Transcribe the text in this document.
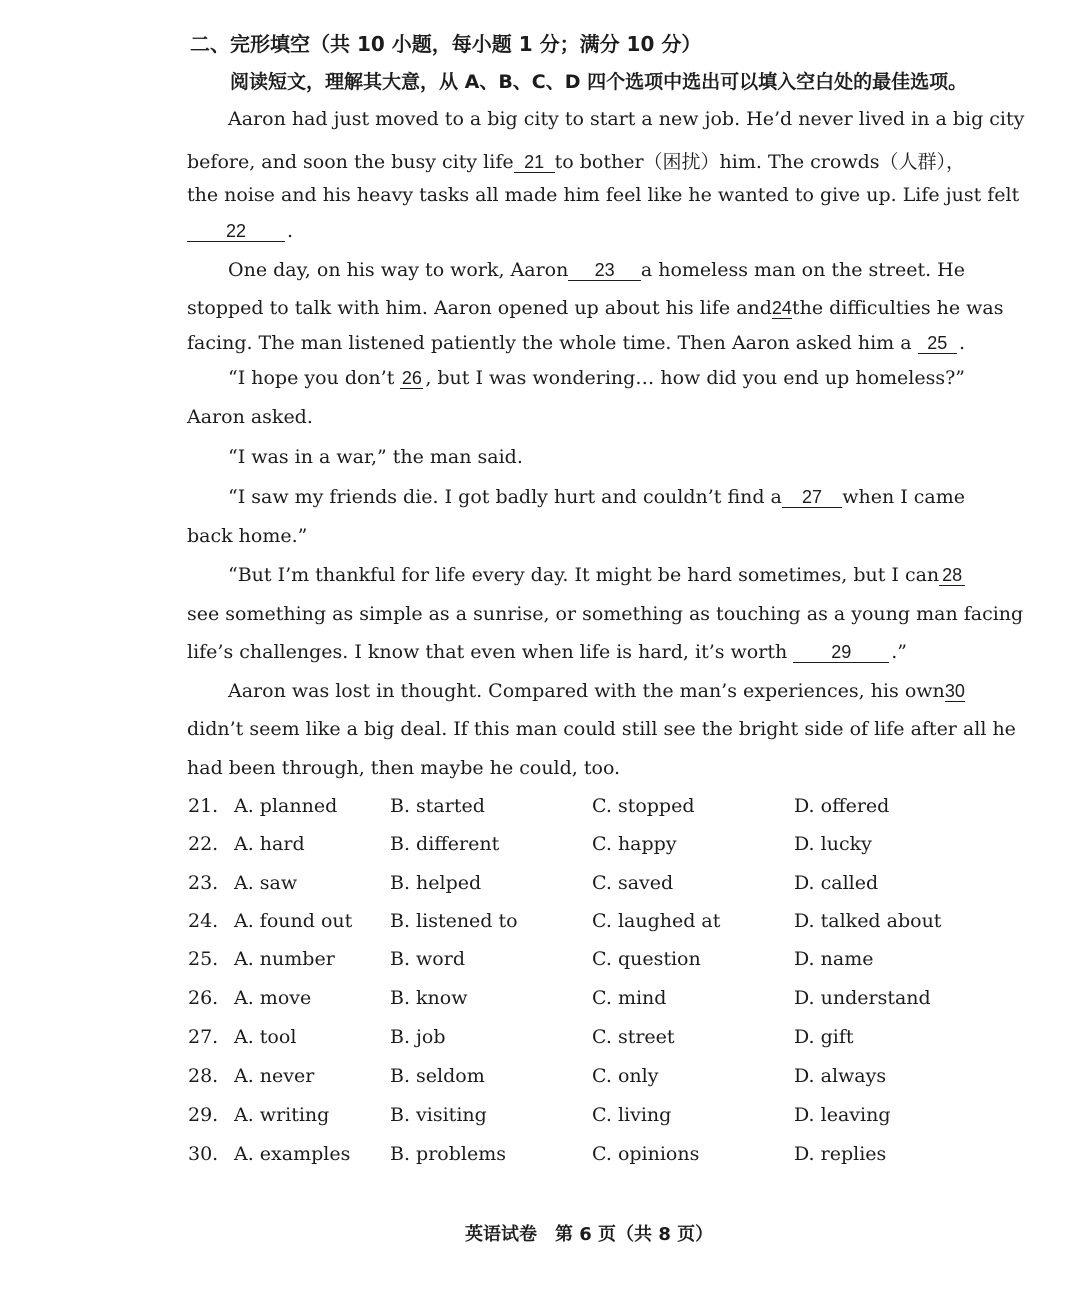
二、完形填空（共 10 小题，每小题 1 分；满分 10 分）
阅读短文，理解其大意，从 A、B、C、D 四个选项中选出可以填入空白处的最佳选项。
Aaron had just moved to a big city to start a new job. He’d never lived in a big city
before, and soon the busy city life 21 to bother（困扰）him. The crowds（人群），
the noise and his heavy tasks all made him feel like he wanted to give up. Life just felt
22	.
One day, on his way to work, Aaron	23	a homeless man on the street. He
stopped to talk with him. Aaron opened up about his life and 24 the difficulties he was
facing. The man listened patiently the whole time. Then Aaron asked him a 25 .
“I hope you don’t 26 , but I was wondering… how did you end up homeless?”
Aaron asked.
“I was in a war,” the man said.
“I saw my friends die. I got badly hurt and couldn’t find a	27	when I came
back home.”
“But I’m thankful for life every day. It might be hard sometimes, but I can 28
see something as simple as a sunrise, or something as touching as a young man facing
life’s challenges. I know that even when life is hard, it’s worth	29	.”
Aaron was lost in thought. Compared with the man’s experiences, his own 30
didn’t seem like a big deal. If this man could still see the bright side of life after all he
had been through, then maybe he could, too.
21. A. planned	B. started	C. stopped	D. offered
22. A. hard	B. different	C. happy	D. lucky
23. A. saw	B. helped	C. saved	D. called
24. A. found out B. listened to	C. laughed at	D. talked about
25. A. number	B. word	C. question	D. name
26. A. move	B. know	C. mind	D. understand
27. A. tool	B. job	C. street	D. gift
28. A. never	B. seldom	C. only	D. always
29. A. writing	B. visiting	C. living	D. leaving
30. A. examples B. problems	C. opinions	D. replies
英语试卷　第 6 页（共 8 页）
